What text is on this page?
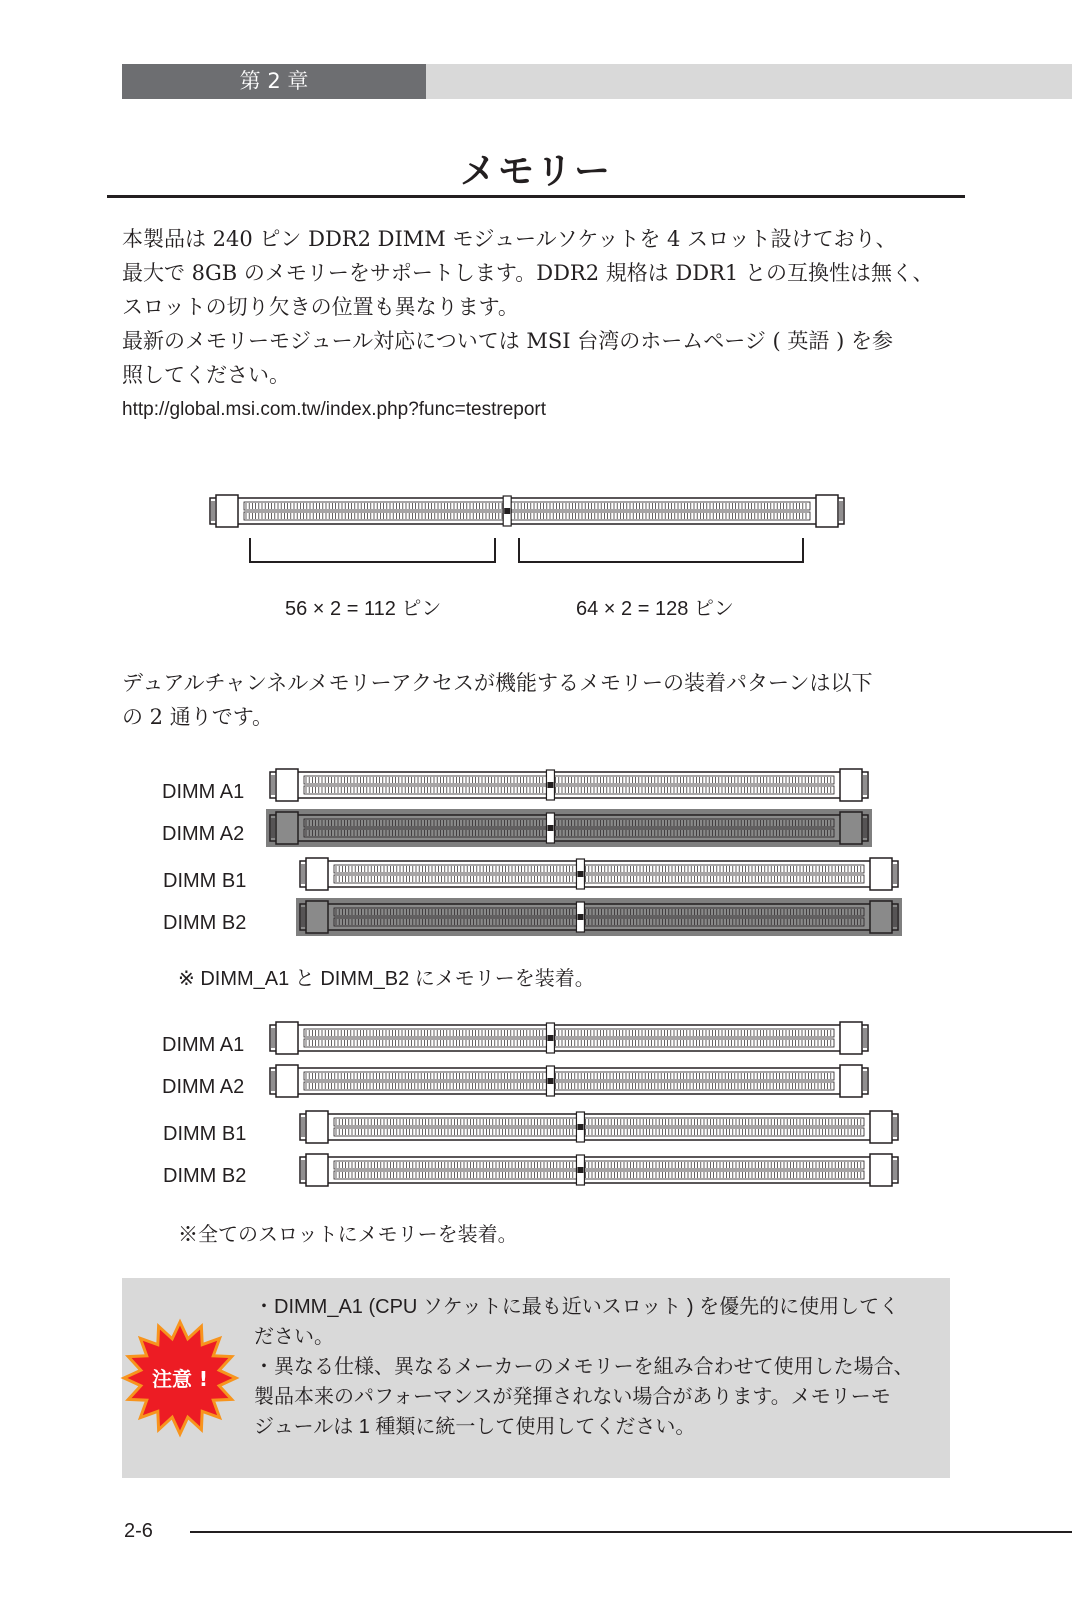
第 2 章
メモリー
本製品は 240 ピン DDR2 DIMM モジュールソケットを 4 スロット設けており、
最大で 8GB のメモリーをサポートします。DDR2 規格は DDR1 との互換性は無く、
スロットの切り欠きの位置も異なります。
最新のメモリーモジュール対応については MSI 台湾のホームページ ( 英語 ) を参
照してください。
http://global.msi.com.tw/index.php?func=testreport
56 × 2 = 112 ピン	64 × 2 = 128 ピン
デュアルチャンネルメモリーアクセスが機能するメモリーの装着パターンは以下
の 2 通りです。
DIMM A1
DIMM A2
DIMM B1
DIMM B2
※ DIMM_A1 と DIMM_B2 にメモリーを装着。
DIMM A1
DIMM A2
DIMM B1
DIMM B2
※全てのスロットにメモリーを装着。
注意 !
・DIMM_A1 (CPU ソケットに最も近いスロット ) を優先的に使用してく
ださい。
・異なる仕様、異なるメーカーのメモリーを組み合わせて使用した場合、
製品本来のパフォーマンスが発揮されない場合があります。メモリーモ
ジュールは 1 種類に統一して使用してください。
2-6
